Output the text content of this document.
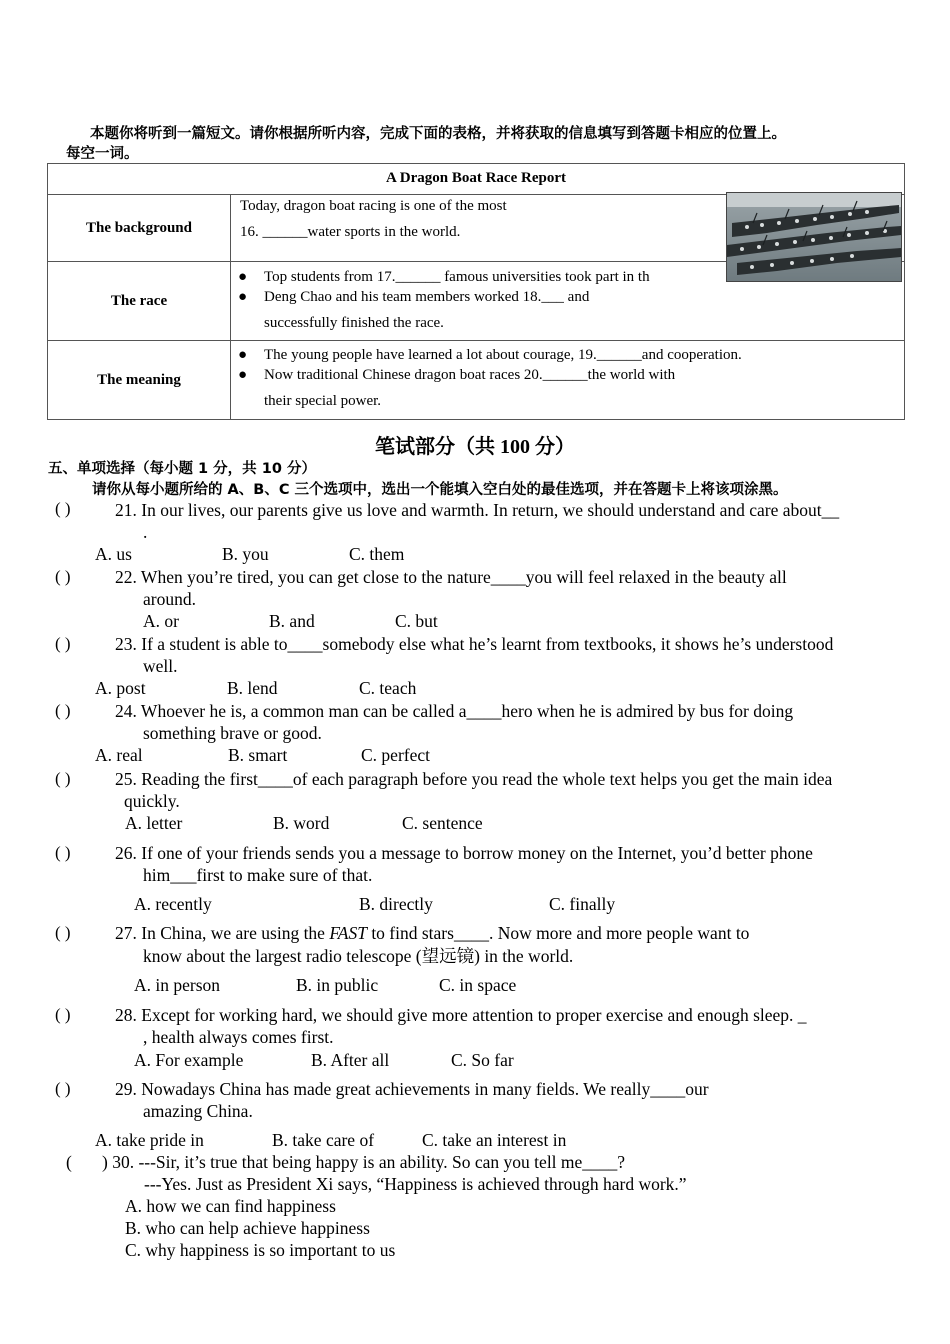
本题你将听到一篇短文。请你根据所听内容，完成下面的表格，并将获取的信息填写到答题卡相应的位置上。
每空一词。
A Dragon Boat Race Report	
The background	Today, dragon boat racing is one of the most
16. ______water sports in the world.

The race	● Top students from 17.______ famous universities took part in th
● Deng Chao and his team members worked 18.___ and
successfully finished the race.

The meaning	● The young people have learned a lot about courage, 19.______and cooperation.
● Now traditional Chinese dragon boat races 20.______the world with
their special power.
笔试部分（共 100 分）
五、单项选择（每小题 1 分，共 10 分）
请你从每小题所给的 A、B、C 三个选项中，选出一个能填入空白处的最佳选项，并在答题卡上将该项涂黑。
( )	21. In our lives, our parents give us love and warmth. In return, we should understand and care about__
.
A. us	B. you	C. them
( )	22. When you’re tired, you can get close to the nature____you will feel relaxed in the beauty all
around.
A. or	B. and	C. but
( )	23. If a student is able to____somebody else what he’s learnt from textbooks, it shows he’s understood
well.
A. post	B. lend	C. teach
( )	24. Whoever he is, a common man can be called a____hero when he is admired by bus for doing
something brave or good.
A. real	B. smart	C. perfect
( )	25. Reading the first____of each paragraph before you read the whole text helps you get the main idea
quickly.
A. letter	B. word	C. sentence
( )	26. If one of your friends sends you a message to borrow money on the Internet, you’d better phone
him___first to make sure of that.
A. recently	B. directly	C. finally
( )	27. In China, we are using the FAST to find stars____. Now more and more people want to
know about the largest radio telescope (望远镜) in the world.
A. in person	B. in public	C. in space
( )	28. Except for working hard, we should give more attention to proper exercise and enough sleep. _
, health always comes first.
A. For example	B. After all	C. So far
( )	29. Nowadays China has made great achievements in many fields. We really____our
amazing China.
A. take pride in	B. take care of	C. take an interest in
( ) 30. ---Sir, it’s true that being happy is an ability. So can you tell me____?
---Yes. Just as President Xi says, “Happiness is achieved through hard work.”
A. how we can find happiness
B. who can help achieve happiness
C. why happiness is so important to us
